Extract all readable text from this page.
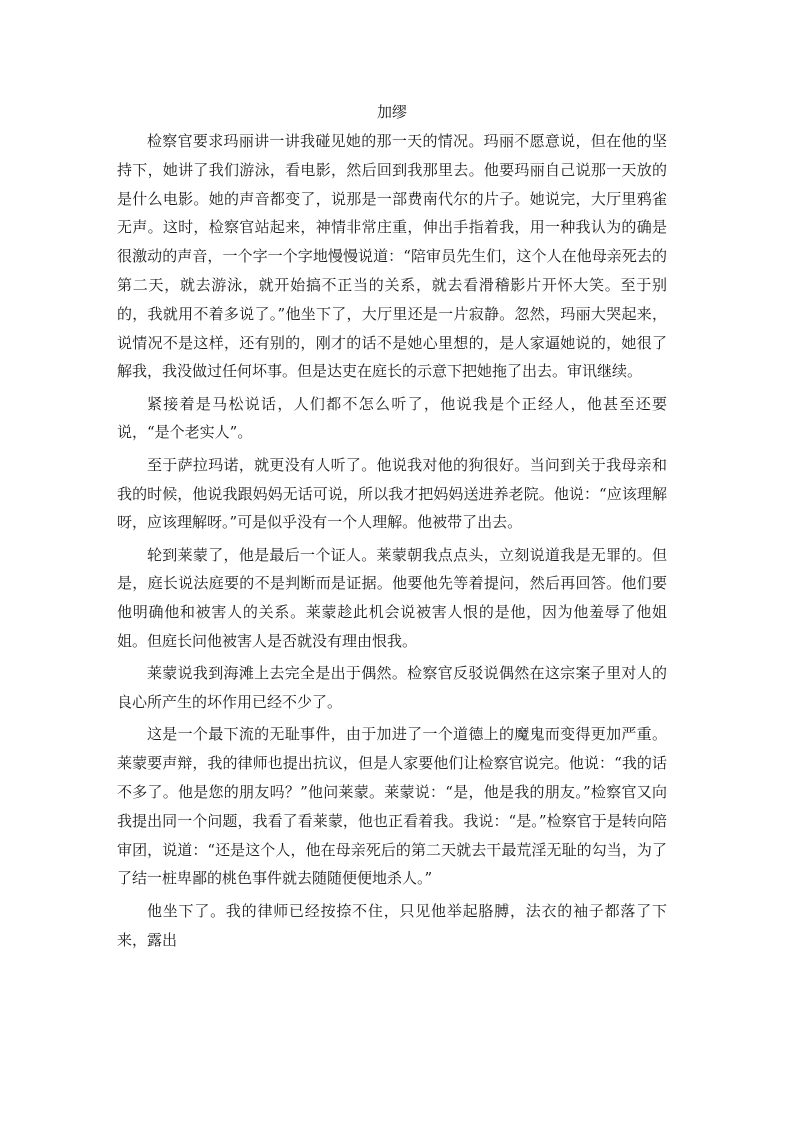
加缪

检察官要求玛丽讲一讲我碰见她的那一天的情况。玛丽不愿意说，但在他的坚持下，她讲了我们游泳，看电影，然后回到我那里去。他要玛丽自己说那一天放的是什么电影。她的声音都变了，说那是一部费南代尔的片子。她说完，大厅里鸦雀无声。这时，检察官站起来，神情非常庄重，伸出手指着我，用一种我认为的确是很激动的声音，一个字一个字地慢慢说道：“陪审员先生们，这个人在他母亲死去的第二天，就去游泳，就开始搞不正当的关系，就去看滑稽影片开怀大笑。至于别的，我就用不着多说了。”他坐下了，大厅里还是一片寂静。忽然，玛丽大哭起来，说情况不是这样，还有别的，刚才的话不是她心里想的，是人家逼她说的，她很了解我，我没做过任何坏事。但是达吏在庭长的示意下把她拖了出去。审讯继续。

紧接着是马松说话，人们都不怎么听了，他说我是个正经人，他甚至还要说，“是个老实人”。

至于萨拉玛诺，就更没有人听了。他说我对他的狗很好。当问到关于我母亲和我的时候，他说我跟妈妈无话可说，所以我才把妈妈送进养老院。他说：“应该理解呀，应该理解呀。”可是似乎没有一个人理解。他被带了出去。

轮到莱蒙了，他是最后一个证人。莱蒙朝我点点头，立刻说道我是无罪的。但是，庭长说法庭要的不是判断而是证据。他要他先等着提问，然后再回答。他们要他明确他和被害人的关系。莱蒙趁此机会说被害人恨的是他，因为他羞辱了他姐姐。但庭长问他被害人是否就没有理由恨我。

莱蒙说我到海滩上去完全是出于偶然。检察官反驳说偶然在这宗案子里对人的良心所产生的坏作用已经不少了。

这是一个最下流的无耻事件，由于加进了一个道德上的魔鬼而变得更加严重。莱蒙要声辩，我的律师也提出抗议，但是人家要他们让检察官说完。他说：“我的话不多了。他是您的朋友吗？”他问莱蒙。莱蒙说：“是，他是我的朋友。”检察官又向我提出同一个问题，我看了看莱蒙，他也正看着我。我说：“是。”检察官于是转向陪审团，说道：“还是这个人，他在母亲死后的第二天就去干最荒淫无耻的勾当，为了了结一桩卑鄙的桃色事件就去随随便便地杀人。”

他坐下了。我的律师已经按捺不住，只见他举起胳膊，法衣的袖子都落了下来，露出
